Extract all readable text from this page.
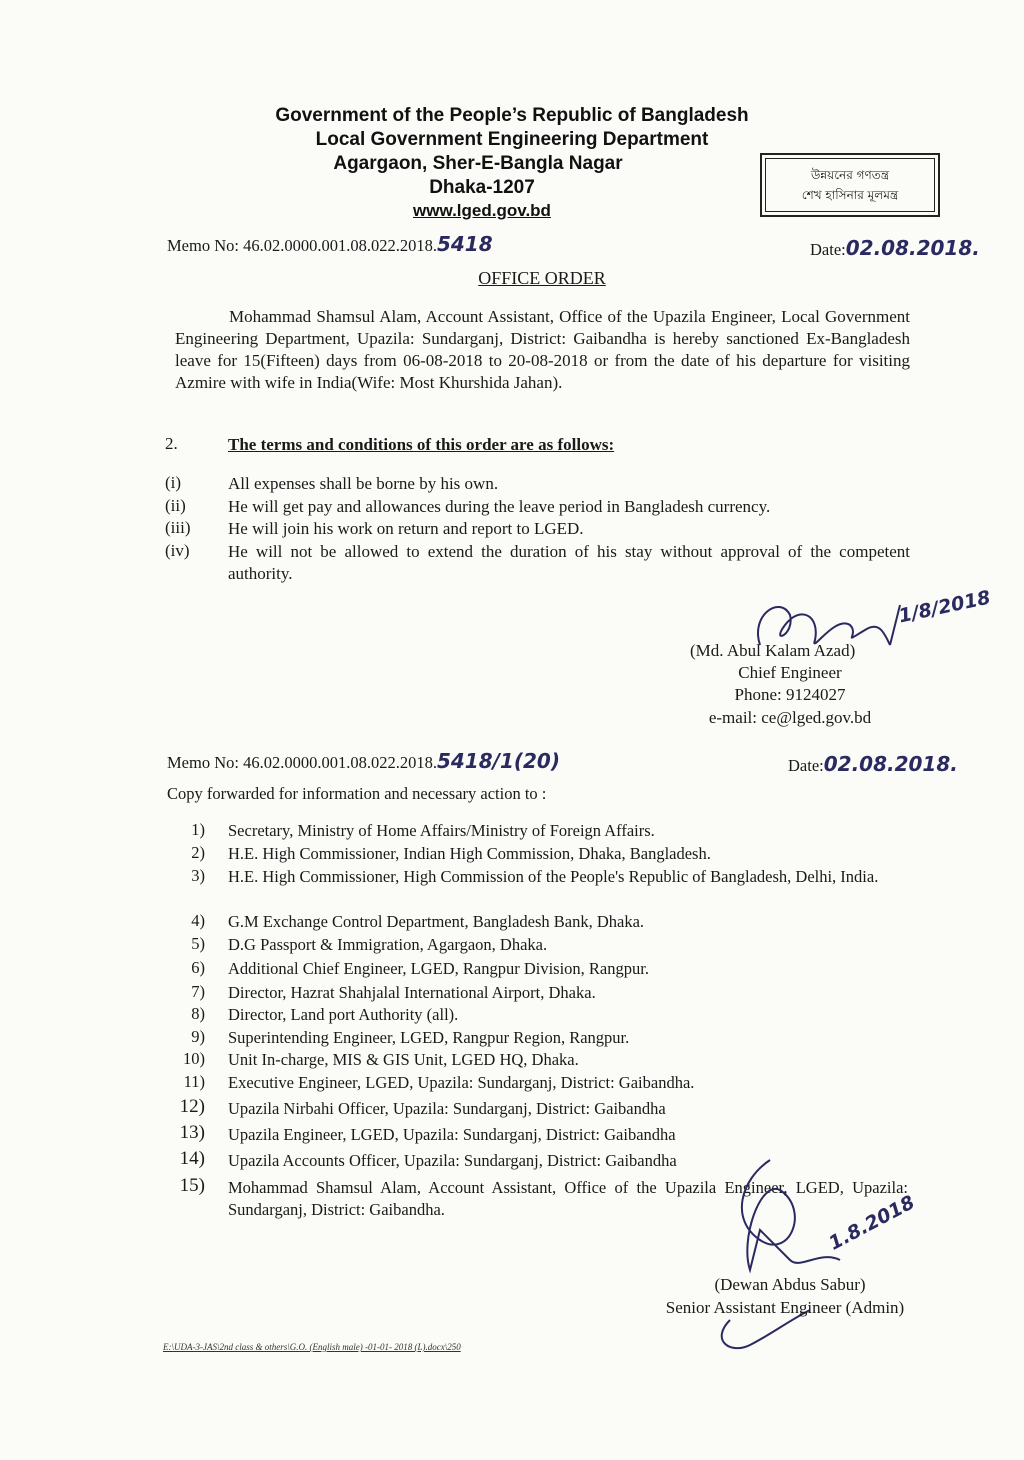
Government of the People’s Republic of Bangladesh
Local Government Engineering Department
Agargaon, Sher-E-Bangla Nagar
Dhaka-1207
www.lged.gov.bd
উন্নয়নের গণতন্ত্র
শেখ হাসিনার মূলমন্ত্র
Memo No: 46.02.0000.001.08.022.2018.5418	Date:02.08.2018.
OFFICE ORDER
Mohammad Shamsul Alam, Account Assistant, Office of the Upazila Engineer, Local Government Engineering Department, Upazila: Sundarganj, District: Gaibandha is hereby sanctioned Ex-Bangladesh leave for 15(Fifteen) days from 06-08-2018 to 20-08-2018 or from the date of his departure for visiting Azmire with wife in India(Wife: Most Khurshida Jahan).
2.	The terms and conditions of this order are as follows:
(i)	All expenses shall be borne by his own.
(ii)	He will get pay and allowances during the leave period in Bangladesh currency.
(iii)	He will join his work on return and report to LGED.
(iv)	He will not be allowed to extend the duration of his stay without approval of the competent authority.
1/8/2018
(Md. Abul Kalam Azad)
Chief Engineer
Phone: 9124027
e-mail: ce@lged.gov.bd
Memo No: 46.02.0000.001.08.022.2018.5418/1(20)	Date:02.08.2018.
Copy forwarded for information and necessary action to :
1) Secretary, Ministry of Home Affairs/Ministry of Foreign Affairs.
2) H.E. High Commissioner, Indian High Commission, Dhaka, Bangladesh.
3) H.E. High Commissioner, High Commission of the People's Republic of Bangladesh, Delhi, India.
4) G.M Exchange Control Department, Bangladesh Bank, Dhaka.
5) D.G Passport & Immigration, Agargaon, Dhaka.
6) Additional Chief Engineer, LGED, Rangpur Division, Rangpur.
7) Director, Hazrat Shahjalal International Airport, Dhaka.
8) Director, Land port Authority (all).
9) Superintending Engineer, LGED, Rangpur Region, Rangpur.
10) Unit In-charge, MIS & GIS Unit, LGED HQ, Dhaka.
11) Executive Engineer, LGED, Upazila: Sundarganj, District: Gaibandha.
12) Upazila Nirbahi Officer, Upazila: Sundarganj, District: Gaibandha
13) Upazila Engineer, LGED, Upazila: Sundarganj, District: Gaibandha
14) Upazila Accounts Officer, Upazila: Sundarganj, District: Gaibandha
15) Mohammad Shamsul Alam, Account Assistant, Office of the Upazila Engineer, LGED, Upazila: Sundarganj, District: Gaibandha.	1.8.2018
(Dewan Abdus Sabur)
Senior Assistant Engineer (Admin)
E:\UDA-3-JAS\2nd class & others\G.O. (English male) -01-01- 2018 (L).docx\250
